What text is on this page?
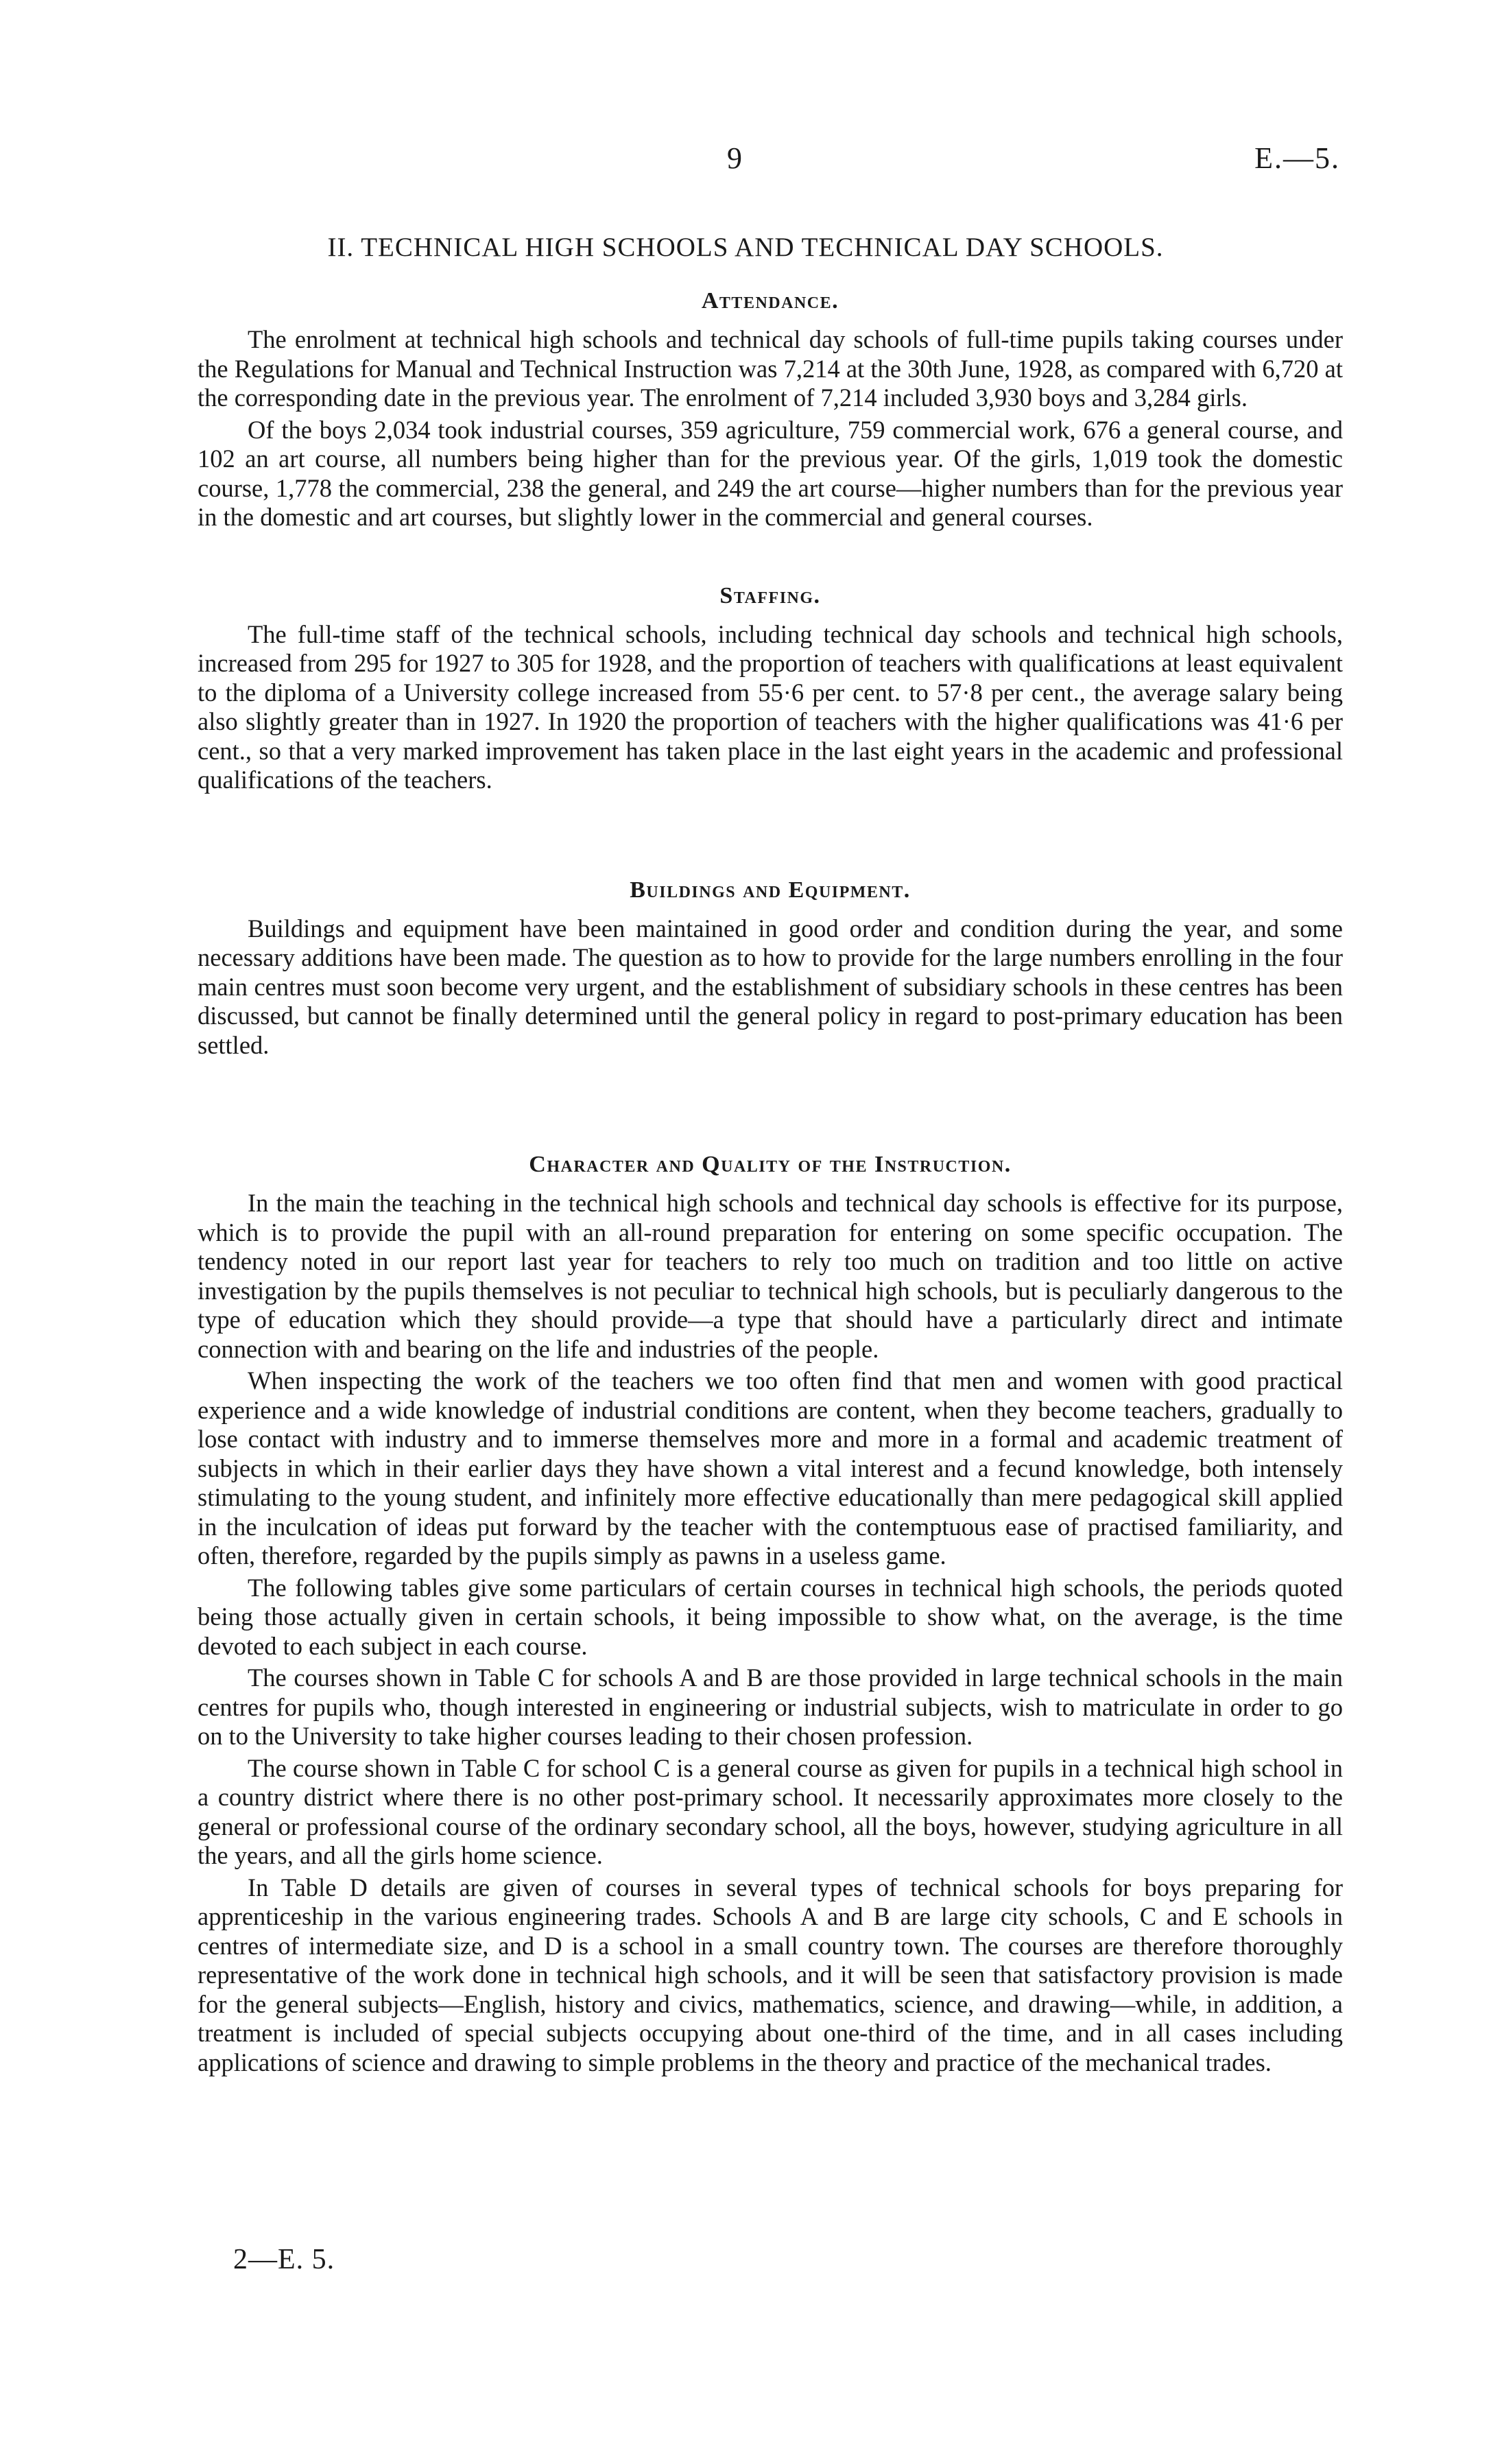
9	E.—5.
II. TECHNICAL HIGH SCHOOLS AND TECHNICAL DAY SCHOOLS.
Attendance.

The enrolment at technical high schools and technical day schools of full-time pupils taking courses under the Regulations for Manual and Technical Instruction was 7,214 at the 30th June, 1928, as compared with 6,720 at the corresponding date in the previous year. The enrolment of 7,214 included 3,930 boys and 3,284 girls.

Of the boys 2,034 took industrial courses, 359 agriculture, 759 commercial work, 676 a general course, and 102 an art course, all numbers being higher than for the previous year. Of the girls, 1,019 took the domestic course, 1,778 the commercial, 238 the general, and 249 the art course—higher numbers than for the previous year in the domestic and art courses, but slightly lower in the commercial and general courses.

Staffing.

The full-time staff of the technical schools, including technical day schools and technical high schools, increased from 295 for 1927 to 305 for 1928, and the proportion of teachers with qualifications at least equivalent to the diploma of a University college increased from 55·6 per cent. to 57·8 per cent., the average salary being also slightly greater than in 1927. In 1920 the proportion of teachers with the higher qualifications was 41·6 per cent., so that a very marked improvement has taken place in the last eight years in the academic and professional qualifications of the teachers.

Buildings and Equipment.

Buildings and equipment have been maintained in good order and condition during the year, and some necessary additions have been made. The question as to how to provide for the large numbers enrolling in the four main centres must soon become very urgent, and the establishment of subsidiary schools in these centres has been discussed, but cannot be finally determined until the general policy in regard to post-primary education has been settled.

Character and Quality of the Instruction.

In the main the teaching in the technical high schools and technical day schools is effective for its purpose, which is to provide the pupil with an all-round preparation for entering on some specific occupation. The tendency noted in our report last year for teachers to rely too much on tradition and too little on active investigation by the pupils themselves is not peculiar to technical high schools, but is peculiarly dangerous to the type of education which they should provide—a type that should have a particularly direct and intimate connection with and bearing on the life and industries of the people.

When inspecting the work of the teachers we too often find that men and women with good practical experience and a wide knowledge of industrial conditions are content, when they become teachers, gradually to lose contact with industry and to immerse themselves more and more in a formal and academic treatment of subjects in which in their earlier days they have shown a vital interest and a fecund knowledge, both intensely stimulating to the young student, and infinitely more effective educationally than mere pedagogical skill applied in the inculcation of ideas put forward by the teacher with the contemptuous ease of practised familiarity, and often, therefore, regarded by the pupils simply as pawns in a useless game.

The following tables give some particulars of certain courses in technical high schools, the periods quoted being those actually given in certain schools, it being impossible to show what, on the average, is the time devoted to each subject in each course.

The courses shown in Table C for schools A and B are those provided in large technical schools in the main centres for pupils who, though interested in engineering or industrial subjects, wish to matriculate in order to go on to the University to take higher courses leading to their chosen profession.

The course shown in Table C for school C is a general course as given for pupils in a technical high school in a country district where there is no other post-primary school. It necessarily approximates more closely to the general or professional course of the ordinary secondary school, all the boys, however, studying agriculture in all the years, and all the girls home science.

In Table D details are given of courses in several types of technical schools for boys preparing for apprenticeship in the various engineering trades. Schools A and B are large city schools, C and E schools in centres of intermediate size, and D is a school in a small country town. The courses are therefore thoroughly representative of the work done in technical high schools, and it will be seen that satisfactory provision is made for the general subjects—English, history and civics, mathematics, science, and drawing—while, in addition, a treatment is included of special subjects occupying about one-third of the time, and in all cases including applications of science and drawing to simple problems in the theory and practice of the mechanical trades.

2—E. 5.
